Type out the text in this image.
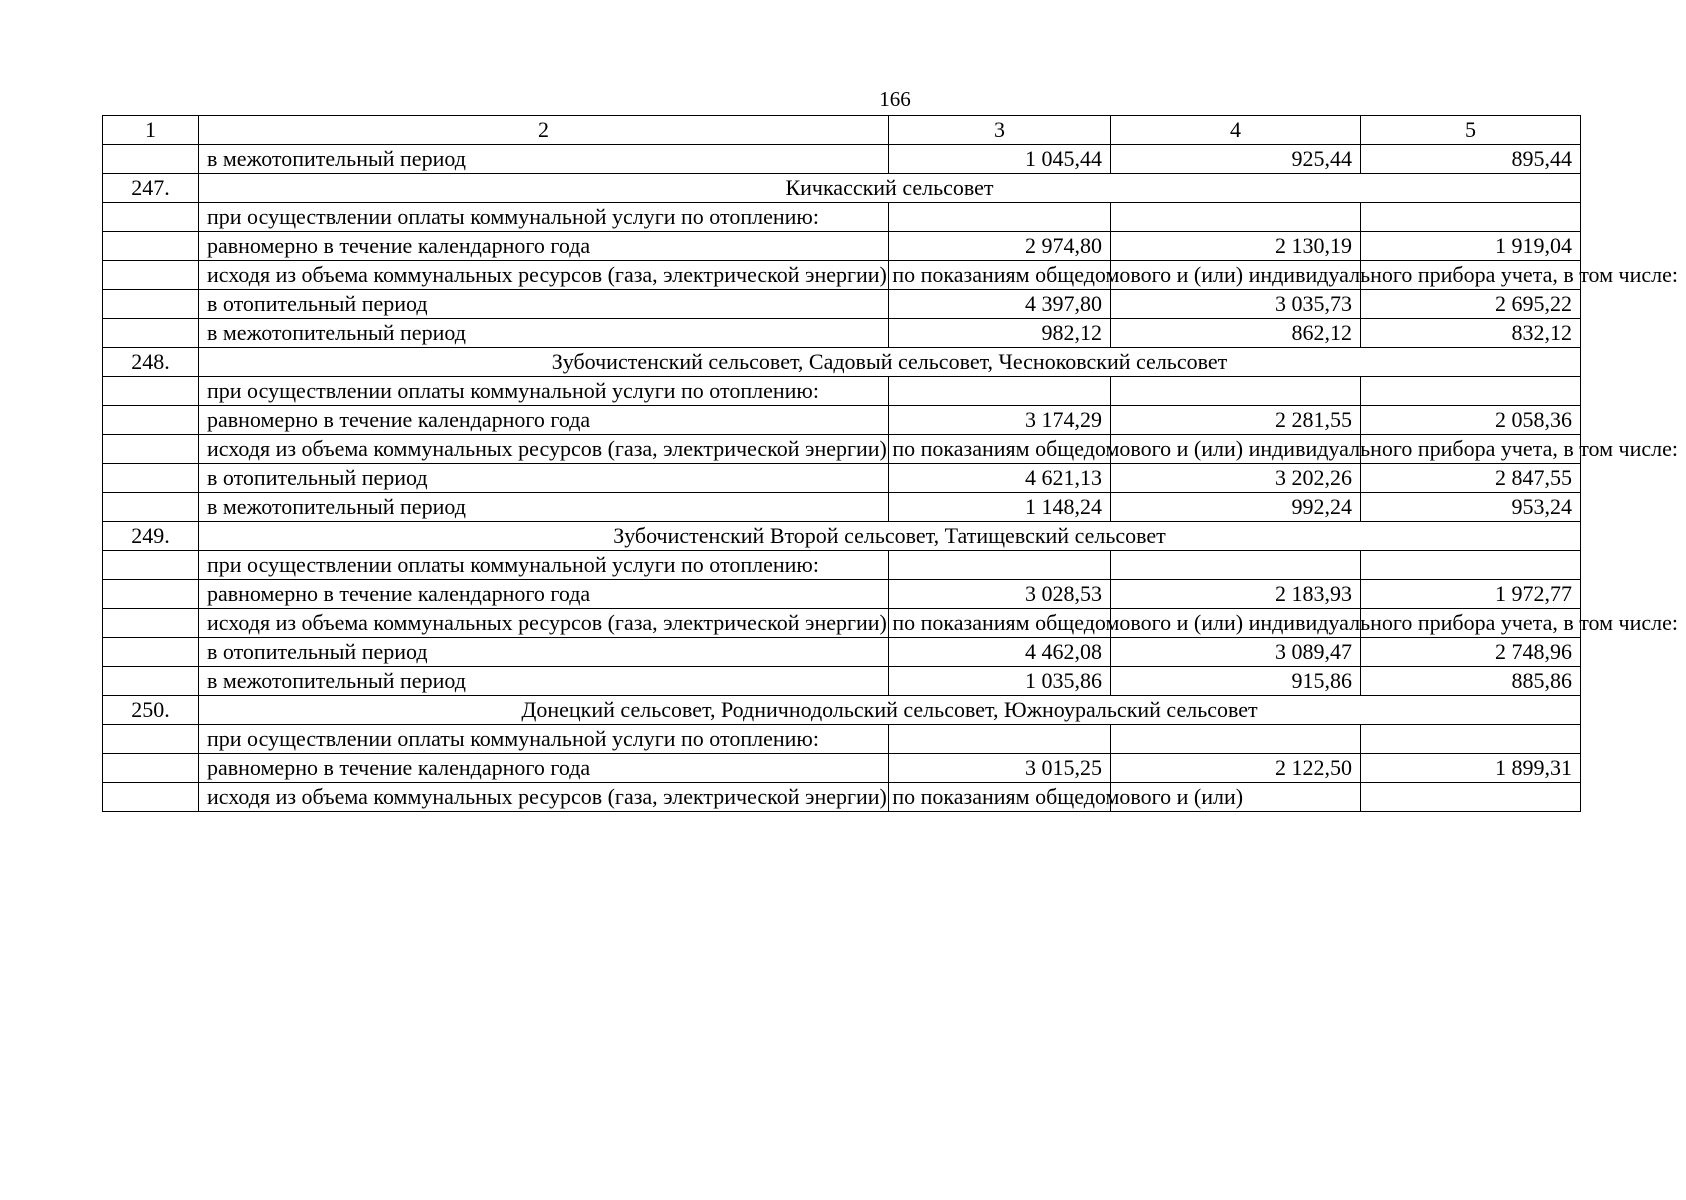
166
1	2	3	4	5
	в межотопительный период	1 045,44	925,44	895,44
247.	Кичкасский сельсовет			
	при осуществлении оплаты коммунальной услуги по отоплению:			
	равномерно в течение календарного года	2 974,80	2 130,19	1 919,04
	исходя из объема коммунальных ресурсов (газа, электрической энергии) по показаниям общедомового и (или) индивидуального прибора учета, в том числе:			
	в отопительный период	4 397,80	3 035,73	2 695,22
	в межотопительный период	982,12	862,12	832,12
248.	Зубочистенский сельсовет, Садовый сельсовет, Чесноковский сельсовет			
	при осуществлении оплаты коммунальной услуги по отоплению:			
	равномерно в течение календарного года	3 174,29	2 281,55	2 058,36
	исходя из объема коммунальных ресурсов (газа, электрической энергии) по показаниям общедомового и (или) индивидуального прибора учета, в том числе:			
	в отопительный период	4 621,13	3 202,26	2 847,55
	в межотопительный период	1 148,24	992,24	953,24
249.	Зубочистенский Второй сельсовет, Татищевский сельсовет			
	при осуществлении оплаты коммунальной услуги по отоплению:			
	равномерно в течение календарного года	3 028,53	2 183,93	1 972,77
	исходя из объема коммунальных ресурсов (газа, электрической энергии) по показаниям общедомового и (или) индивидуального прибора учета, в том числе:			
	в отопительный период	4 462,08	3 089,47	2 748,96
	в межотопительный период	1 035,86	915,86	885,86
250.	Донецкий сельсовет, Родничнодольский сельсовет, Южноуральский сельсовет			
	при осуществлении оплаты коммунальной услуги по отоплению:			
	равномерно в течение календарного года	3 015,25	2 122,50	1 899,31
	исходя из объема коммунальных ресурсов (газа, электрической энергии) по показаниям общедомового и (или)			
